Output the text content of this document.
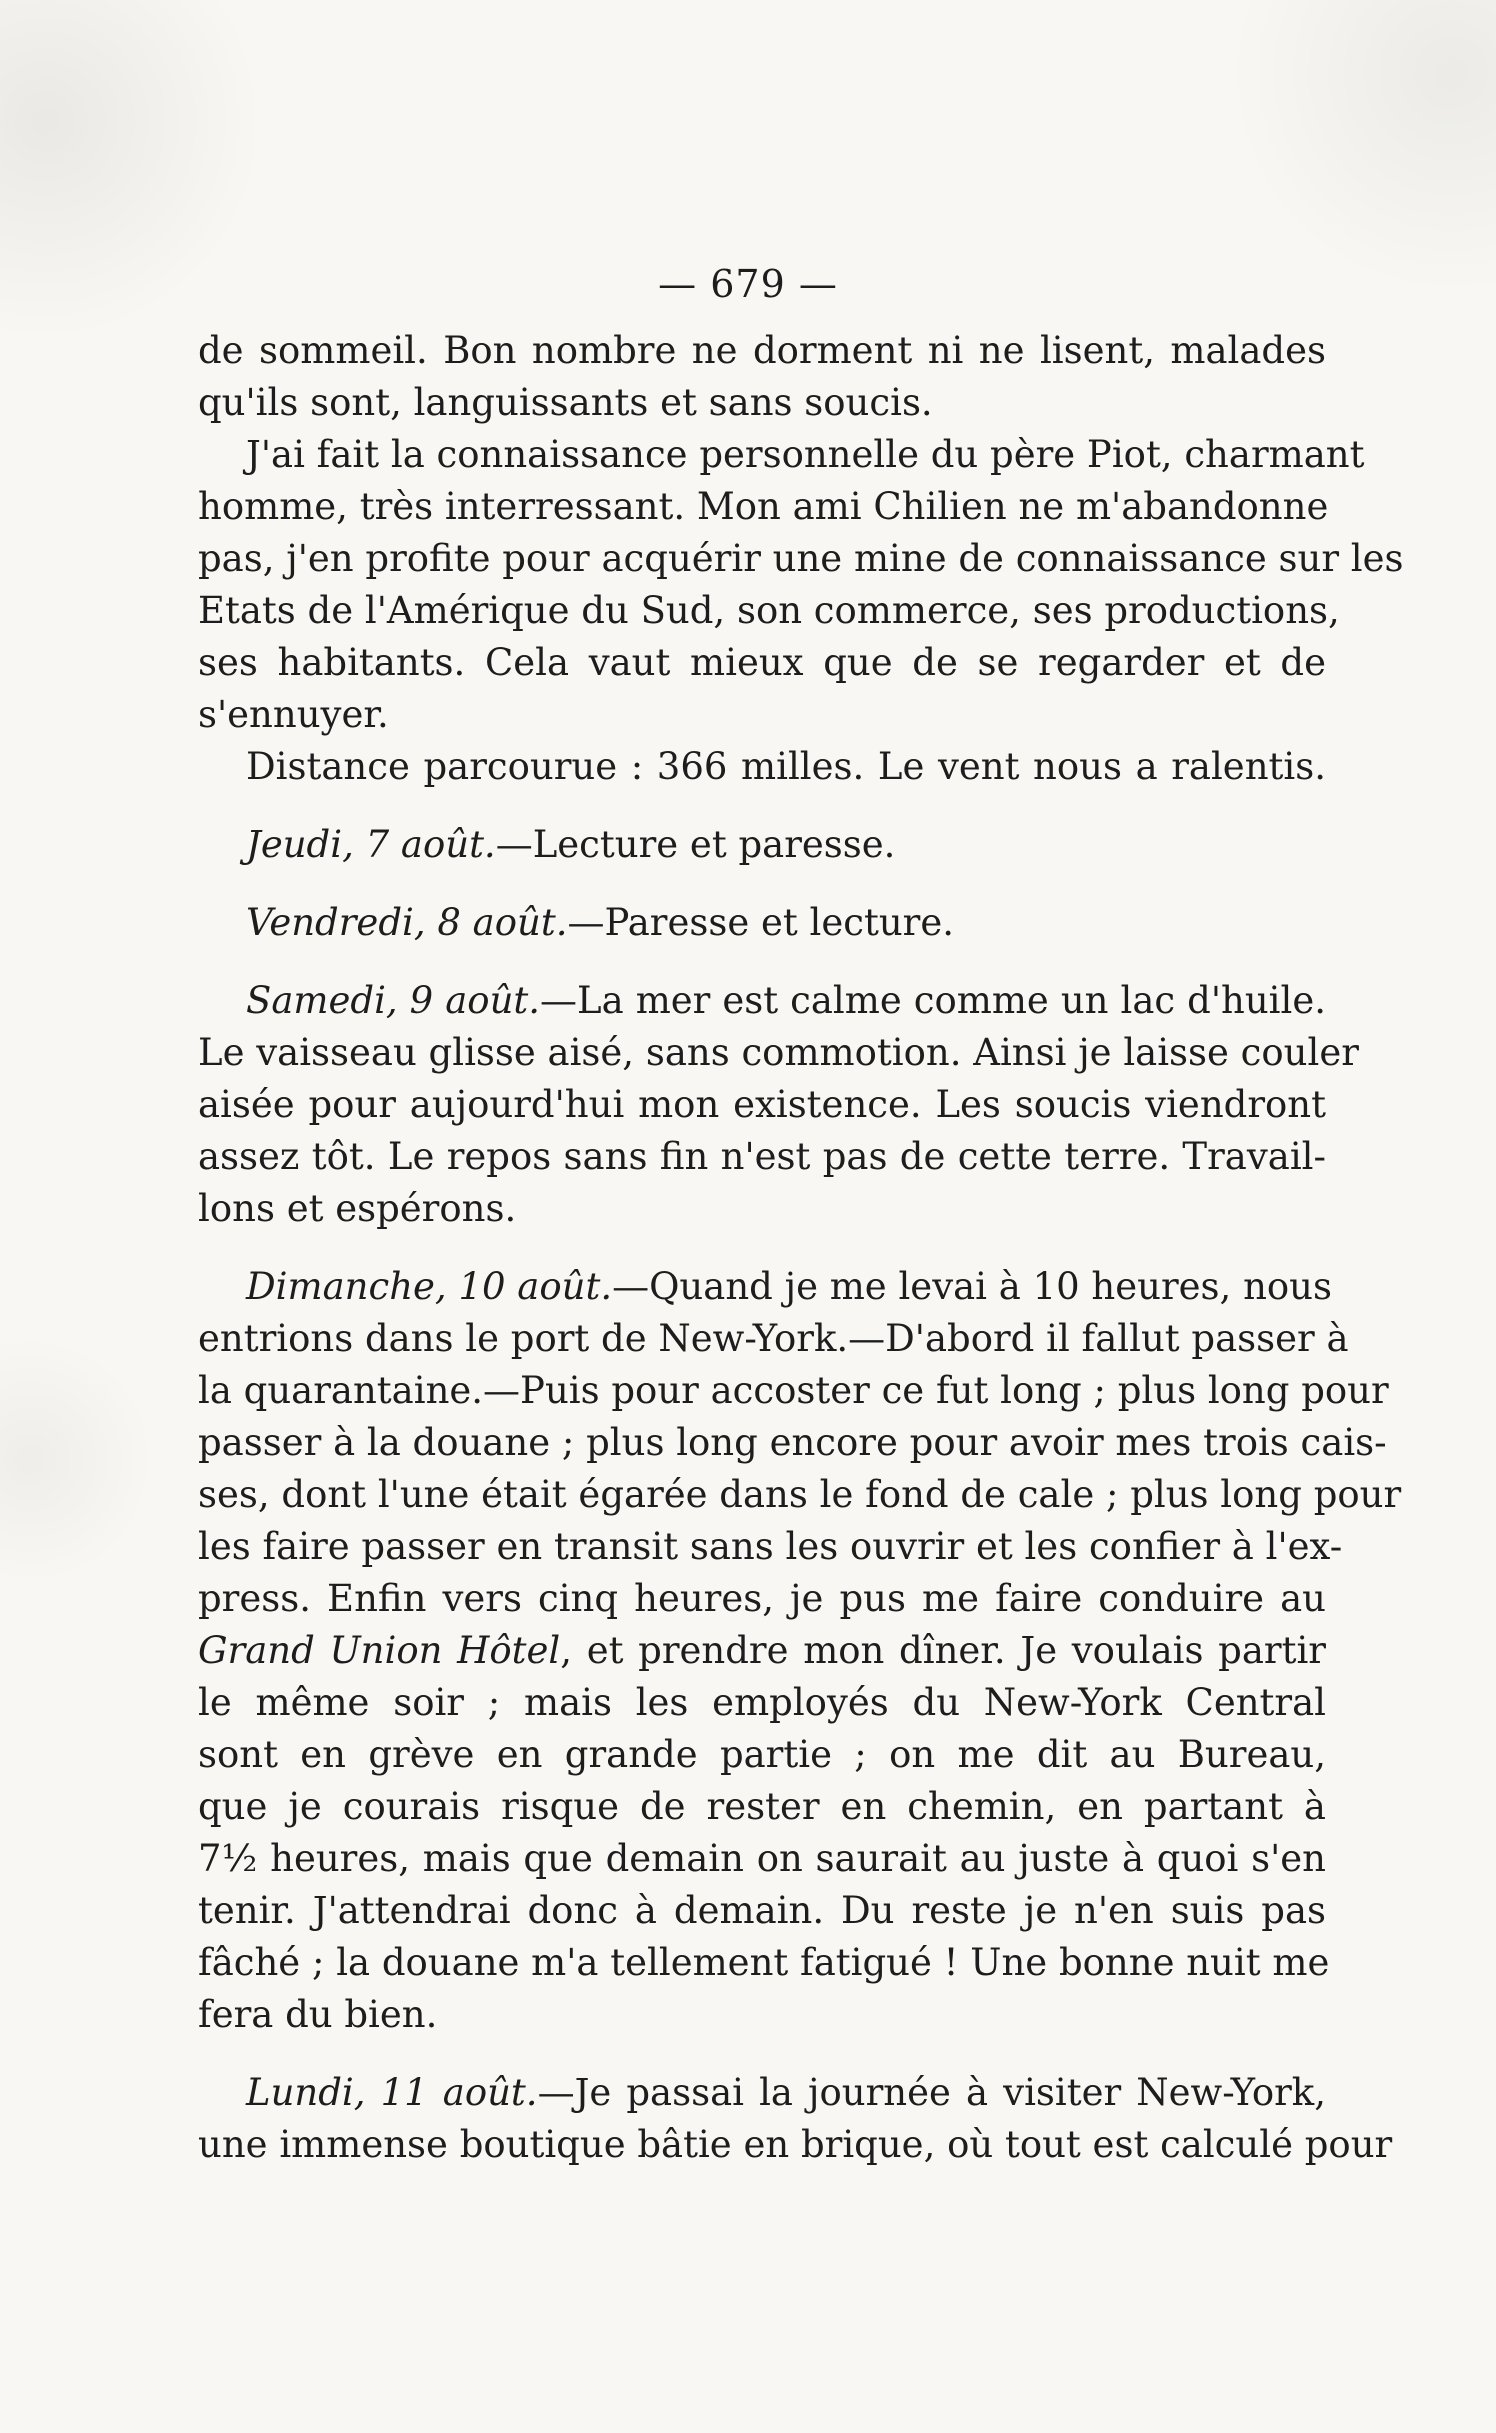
— 679 —
de sommeil. Bon nombre ne dorment ni ne lisent, malades
qu'ils sont, languissants et sans soucis.
J'ai fait la connaissance personnelle du père Piot, charmant
homme, très interressant. Mon ami Chilien ne m'abandonne
pas, j'en profite pour acquérir une mine de connaissance sur les
Etats de l'Amérique du Sud, son commerce, ses productions,
ses habitants. Cela vaut mieux que de se regarder et de
s'ennuyer.
Distance parcourue : 366 milles. Le vent nous a ralentis.
Jeudi, 7 août.—Lecture et paresse.
Vendredi, 8 août.—Paresse et lecture.
Samedi, 9 août.—La mer est calme comme un lac d'huile.
Le vaisseau glisse aisé, sans commotion. Ainsi je laisse couler
aisée pour aujourd'hui mon existence. Les soucis viendront
assez tôt. Le repos sans fin n'est pas de cette terre. Travail-
lons et espérons.
Dimanche, 10 août.—Quand je me levai à 10 heures, nous
entrions dans le port de New-York.—D'abord il fallut passer à
la quarantaine.—Puis pour accoster ce fut long ; plus long pour
passer à la douane ; plus long encore pour avoir mes trois cais-
ses, dont l'une était égarée dans le fond de cale ; plus long pour
les faire passer en transit sans les ouvrir et les confier à l'ex-
press. Enfin vers cinq heures, je pus me faire conduire au
Grand Union Hôtel, et prendre mon dîner. Je voulais partir
le même soir ; mais les employés du New-York Central
sont en grève en grande partie ; on me dit au Bureau,
que je courais risque de rester en chemin, en partant à
7½ heures, mais que demain on saurait au juste à quoi s'en
tenir. J'attendrai donc à demain. Du reste je n'en suis pas
fâché ; la douane m'a tellement fatigué ! Une bonne nuit me
fera du bien.
Lundi, 11 août.—Je passai la journée à visiter New-York,
une immense boutique bâtie en brique, où tout est calculé pour
